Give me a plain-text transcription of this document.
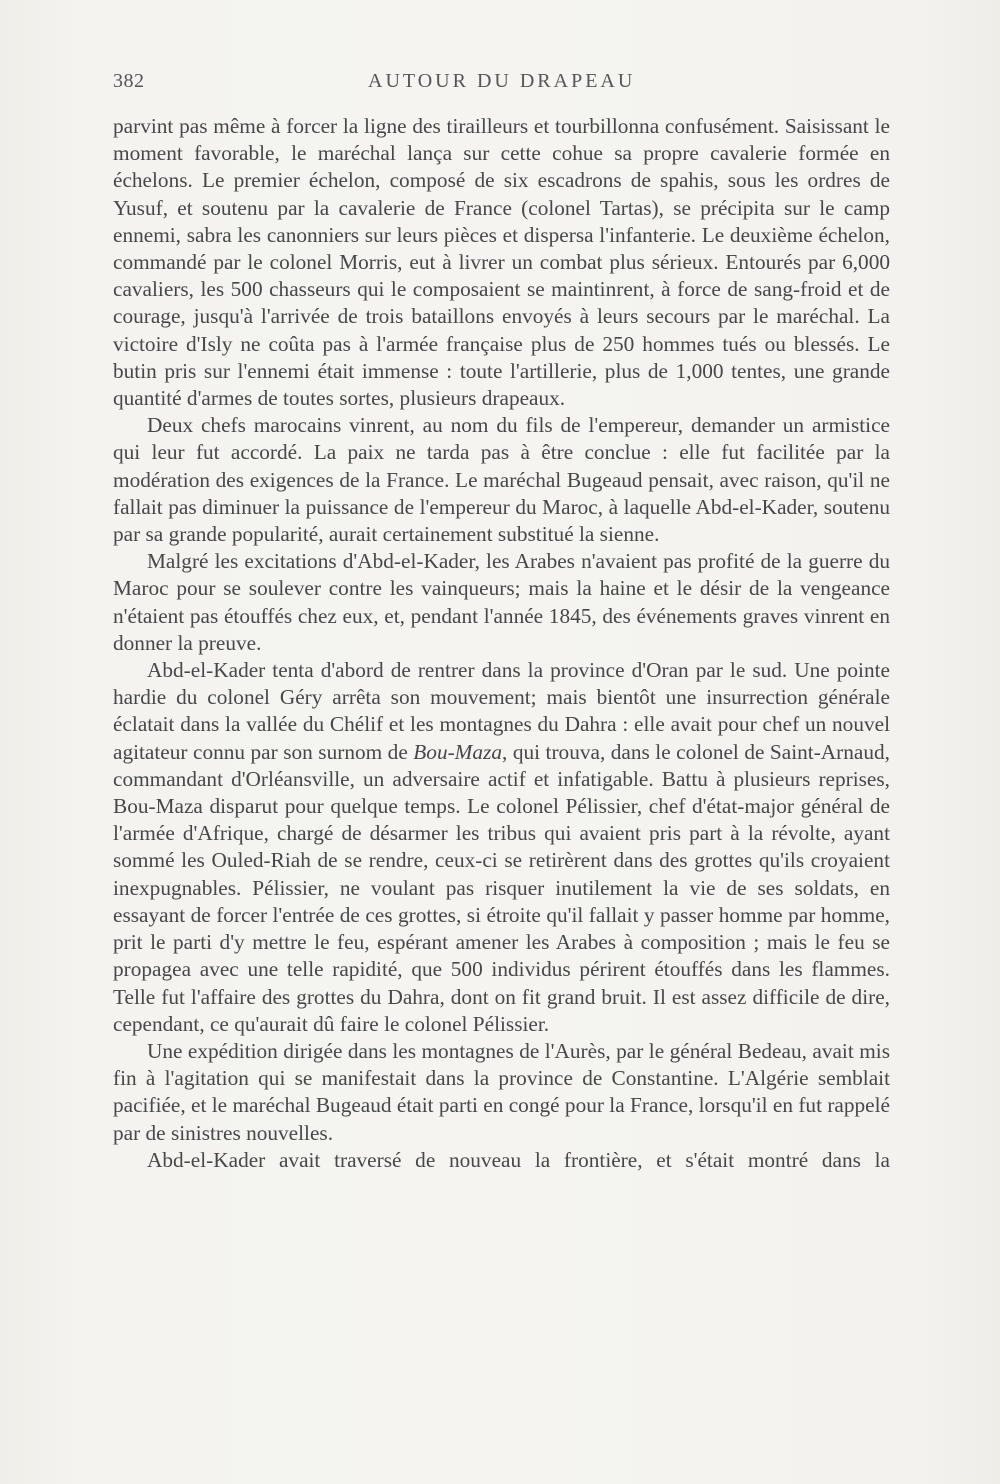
382	AUTOUR DU DRAPEAU

parvint pas même à forcer la ligne des tirailleurs et tourbillonna confusément. Saisissant le moment favorable, le maréchal lança sur cette cohue sa propre cavalerie formée en échelons. Le premier échelon, composé de six escadrons de spahis, sous les ordres de Yusuf, et soutenu par la cavalerie de France (colonel Tartas), se précipita sur le camp ennemi, sabra les canonniers sur leurs pièces et dispersa l'infanterie. Le deuxième échelon, commandé par le colonel Morris, eut à livrer un combat plus sérieux. Entourés par 6,000 cavaliers, les 500 chasseurs qui le composaient se maintinrent, à force de sang-froid et de courage, jusqu'à l'arrivée de trois bataillons envoyés à leurs secours par le maréchal. La victoire d'Isly ne coûta pas à l'armée française plus de 250 hommes tués ou blessés. Le butin pris sur l'ennemi était immense : toute l'artillerie, plus de 1,000 tentes, une grande quantité d'armes de toutes sortes, plusieurs drapeaux.

Deux chefs marocains vinrent, au nom du fils de l'empereur, demander un armistice qui leur fut accordé. La paix ne tarda pas à être conclue : elle fut facilitée par la modération des exigences de la France. Le maréchal Bugeaud pensait, avec raison, qu'il ne fallait pas diminuer la puissance de l'empereur du Maroc, à laquelle Abd-el-Kader, soutenu par sa grande popularité, aurait certainement substitué la sienne.

Malgré les excitations d'Abd-el-Kader, les Arabes n'avaient pas profité de la guerre du Maroc pour se soulever contre les vainqueurs; mais la haine et le désir de la vengeance n'étaient pas étouffés chez eux, et, pendant l'année 1845, des événements graves vinrent en donner la preuve.

Abd-el-Kader tenta d'abord de rentrer dans la province d'Oran par le sud. Une pointe hardie du colonel Géry arrêta son mouvement; mais bientôt une insurrection générale éclatait dans la vallée du Chélif et les montagnes du Dahra : elle avait pour chef un nouvel agitateur connu par son surnom de Bou-Maza, qui trouva, dans le colonel de Saint-Arnaud, commandant d'Orléansville, un adversaire actif et infatigable. Battu à plusieurs reprises, Bou-Maza disparut pour quelque temps. Le colonel Pélissier, chef d'état-major général de l'armée d'Afrique, chargé de désarmer les tribus qui avaient pris part à la révolte, ayant sommé les Ouled-Riah de se rendre, ceux-ci se retirèrent dans des grottes qu'ils croyaient inexpugnables. Pélissier, ne voulant pas risquer inutilement la vie de ses soldats, en essayant de forcer l'entrée de ces grottes, si étroite qu'il fallait y passer homme par homme, prit le parti d'y mettre le feu, espérant amener les Arabes à composition ; mais le feu se propagea avec une telle rapidité, que 500 individus périrent étouffés dans les flammes. Telle fut l'affaire des grottes du Dahra, dont on fit grand bruit. Il est assez difficile de dire, cependant, ce qu'aurait dû faire le colonel Pélissier.

Une expédition dirigée dans les montagnes de l'Aurès, par le général Bedeau, avait mis fin à l'agitation qui se manifestait dans la province de Constantine. L'Algérie semblait pacifiée, et le maréchal Bugeaud était parti en congé pour la France, lorsqu'il en fut rappelé par de sinistres nouvelles.

Abd-el-Kader avait traversé de nouveau la frontière, et s'était montré dans la
